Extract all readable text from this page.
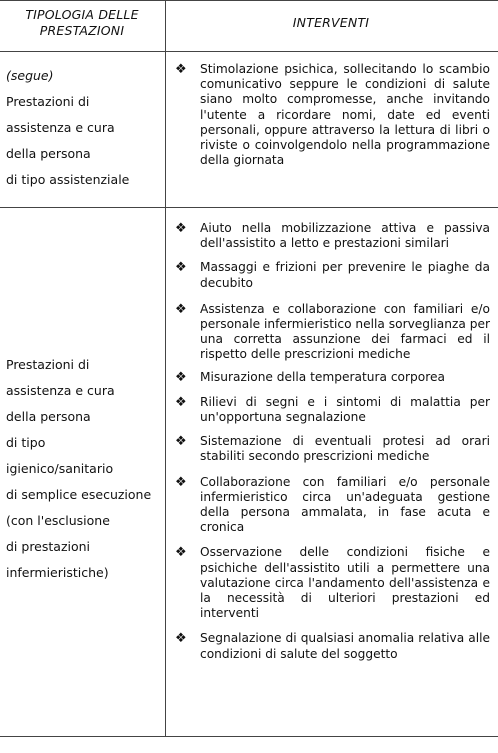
TIPOLOGIA DELLE
PRESTAZIONI
INTERVENTI
(segue)
Prestazioni di
assistenza e cura
della persona
di tipo assistenziale
❖ Stimolazione psichica, sollecitando lo scambio comunicativo seppure le condizioni di salute siano molto compromesse, anche invitando l'utente a ricordare nomi, date ed eventi personali, oppure attraverso la lettura di libri o riviste o coinvolgendolo nella programmazione della giornata
Prestazioni di
assistenza e cura
della persona
di tipo
igienico/sanitario
di semplice esecuzione
(con l'esclusione
di prestazioni
infermieristiche)
❖ Aiuto nella mobilizzazione attiva e passiva dell'assistito a letto e prestazioni similari
❖ Massaggi e frizioni per prevenire le piaghe da decubito
❖ Assistenza e collaborazione con familiari e/o personale infermieristico nella sorveglianza per una corretta assunzione dei farmaci ed il rispetto delle prescrizioni mediche
❖ Misurazione della temperatura corporea
❖ Rilievi di segni e i sintomi di malattia per un'opportuna segnalazione
❖ Sistemazione di eventuali protesi ad orari stabiliti secondo prescrizioni mediche
❖ Collaborazione con familiari e/o personale infermieristico circa un'adeguata gestione della persona ammalata, in fase acuta e cronica
❖ Osservazione delle condizioni fisiche e psichiche dell'assistito utili a permettere una valutazione circa l'andamento dell'assistenza e la necessità di ulteriori prestazioni ed interventi
❖ Segnalazione di qualsiasi anomalia relativa alle condizioni di salute del soggetto
